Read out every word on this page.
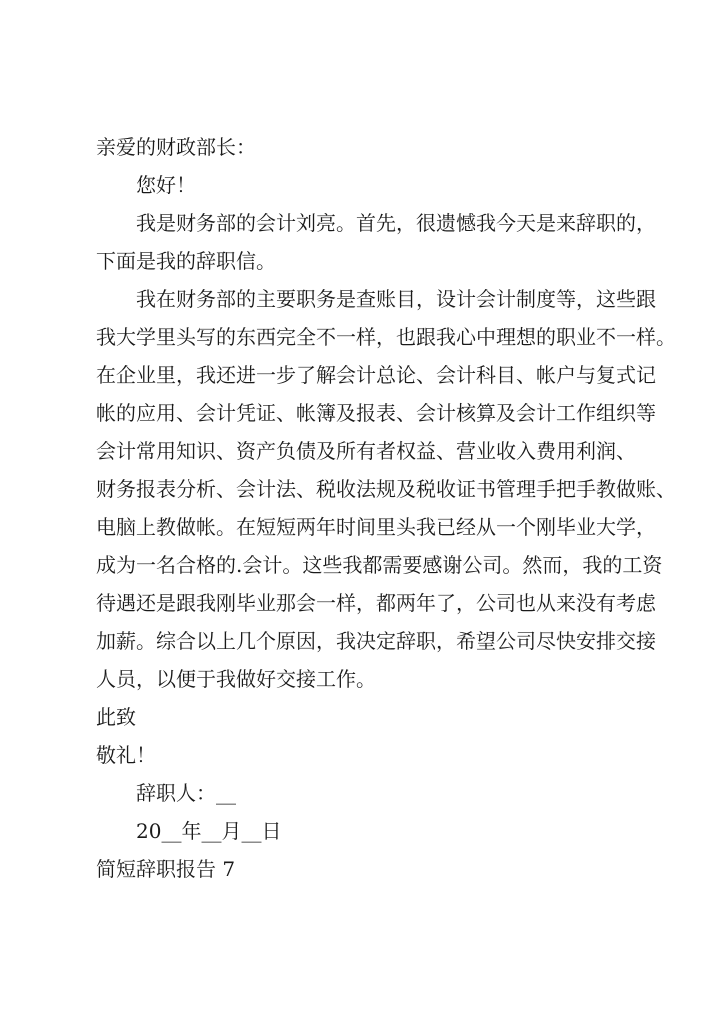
亲爱的财政部长：
您好！
我是财务部的会计刘亮。首先，很遗憾我今天是来辞职的，
下面是我的辞职信。
我在财务部的主要职务是查账目，设计会计制度等，这些跟
我大学里头写的东西完全不一样，也跟我心中理想的职业不一样。
在企业里，我还进一步了解会计总论、会计科目、帐户与复式记
帐的应用、会计凭证、帐簿及报表、会计核算及会计工作组织等
会计常用知识、资产负债及所有者权益、营业收入费用利润、
财务报表分析、会计法、税收法规及税收证书管理手把手教做账、
电脑上教做帐。在短短两年时间里头我已经从一个刚毕业大学，
成为一名合格的.会计。这些我都需要感谢公司。然而，我的工资
待遇还是跟我刚毕业那会一样，都两年了，公司也从来没有考虑
加薪。综合以上几个原因，我决定辞职，希望公司尽快安排交接
人员，以便于我做好交接工作。
此致
敬礼！
辞职人：__
20__年__月__日
简短辞职报告 7
